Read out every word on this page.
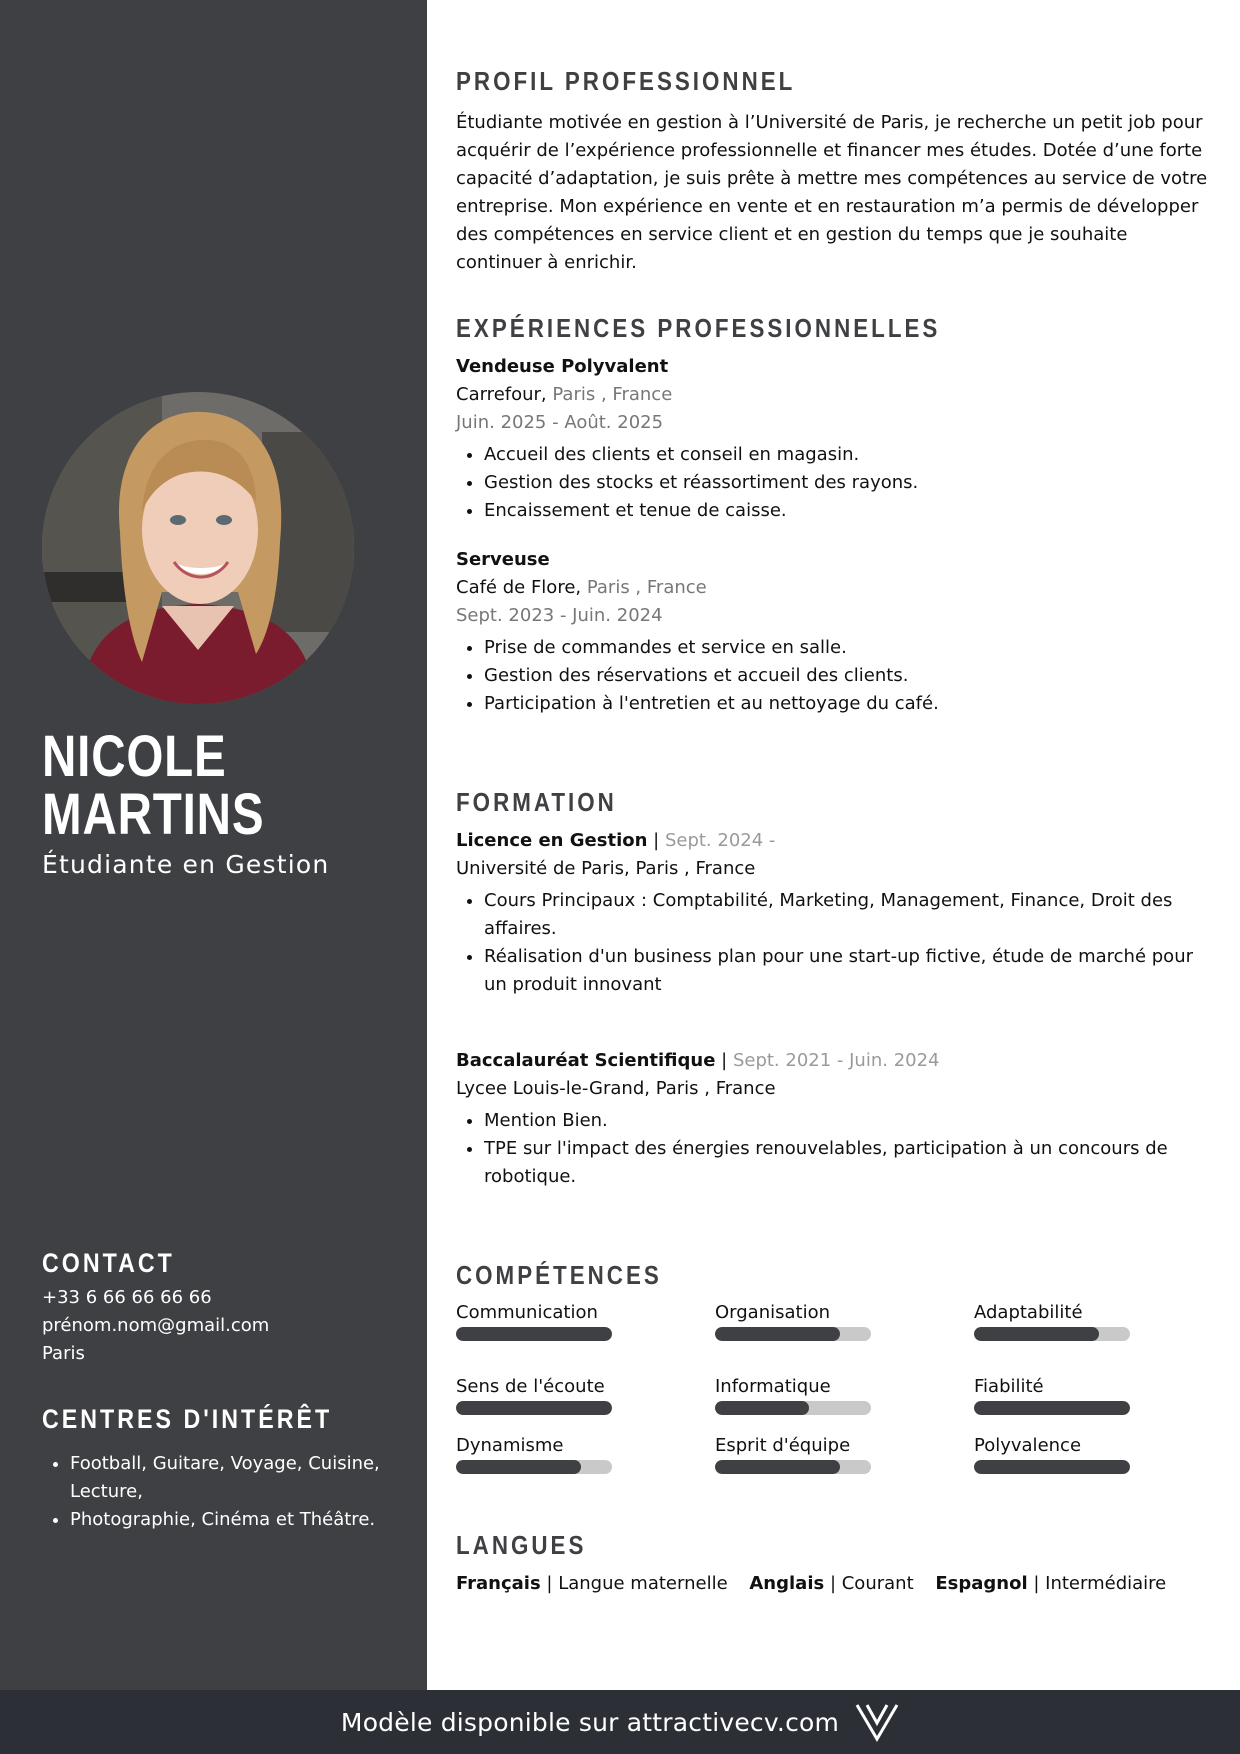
NICOLE
MARTINS
Étudiante en Gestion
CONTACT
+33 6 66 66 66 66
prénom.nom@gmail.com
Paris
CENTRES D'INTÉRÊT
• Football, Guitare, Voyage, Cuisine, Lecture,
• Photographie, Cinéma et Théâtre.
PROFIL PROFESSIONNEL

Étudiante motivée en gestion à l’Université de Paris, je recherche un petit job pour acquérir de l’expérience professionnelle et financer mes études. Dotée d’une forte capacité d’adaptation, je suis prête à mettre mes compétences au service de votre entreprise. Mon expérience en vente et en restauration m’a permis de développer des compétences en service client et en gestion du temps que je souhaite continuer à enrichir.

EXPÉRIENCES PROFESSIONNELLES
Vendeuse Polyvalent
Carrefour, Paris , France
Juin. 2025 - Août. 2025
• Accueil des clients et conseil en magasin.
• Gestion des stocks et réassortiment des rayons.
• Encaissement et tenue de caisse.
Serveuse
Café de Flore, Paris , France
Sept. 2023 - Juin. 2024
• Prise de commandes et service en salle.
• Gestion des réservations et accueil des clients.
• Participation à l'entretien et au nettoyage du café.
FORMATION
Licence en Gestion | Sept. 2024 -
Université de Paris, Paris , France
• Cours Principaux : Comptabilité, Marketing, Management, Finance, Droit des affaires.
• Réalisation d'un business plan pour une start-up fictive, étude de marché pour un produit innovant
Baccalauréat Scientifique | Sept. 2021 - Juin. 2024
Lycee Louis-le-Grand, Paris , France
• Mention Bien.
• TPE sur l'impact des énergies renouvelables, participation à un concours de robotique.
COMPÉTENCES
Communication	Organisation	Adaptabilité
Sens de l'écoute	Informatique	Fiabilité
Dynamisme	Esprit d'équipe	Polyvalence
LANGUES
Français | Langue maternelle Anglais | Courant Espagnol | Intermédiaire
Modèle disponible sur attractivecv.com
